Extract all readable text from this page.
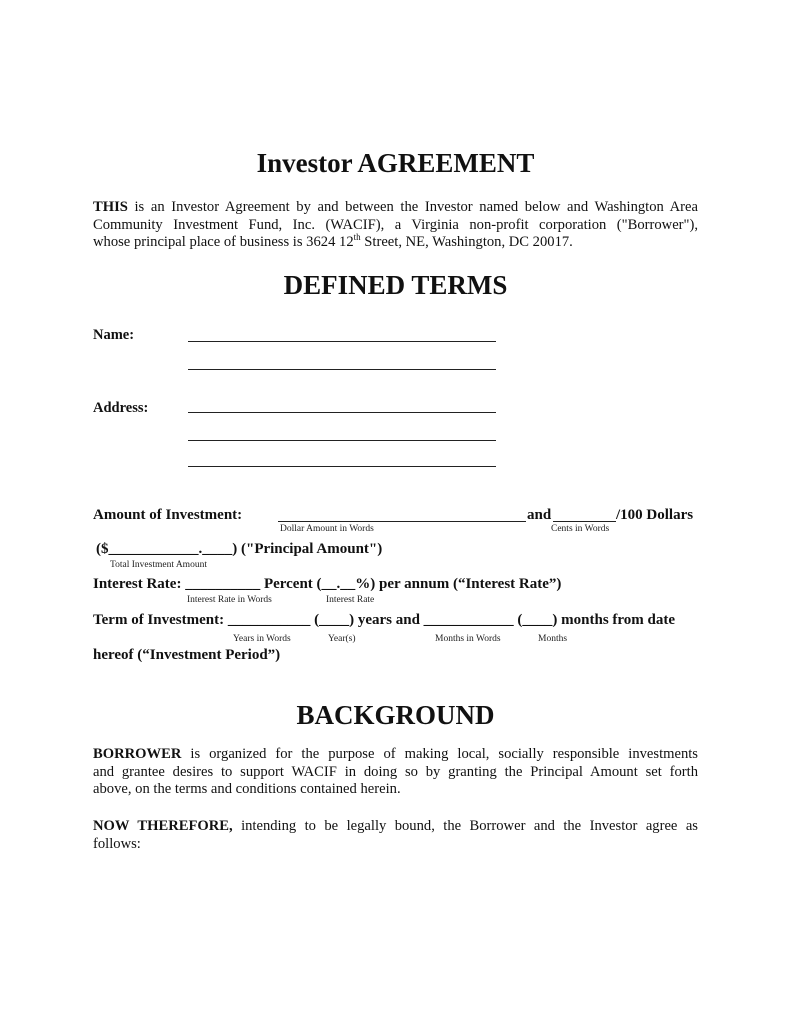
Investor AGREEMENT
THIS is an Investor Agreement by and between the Investor named below and Washington Area
Community Investment Fund, Inc. (WACIF), a Virginia non-profit corporation ("Borrower"),
whose principal place of business is 3624 12th Street, NE, Washington, DC 20017.
DEFINED TERMS
Name:
Address:
Amount of Investment:	and	/100 Dollars
Dollar Amount in Words	Cents in Words
($____________.____) ("Principal Amount")
Total Investment Amount
Interest Rate: __________ Percent (__.__%) per annum (“Interest Rate”)
Interest Rate in Words	Interest Rate
Term of Investment: ___________ (____) years and ____________ (____) months from date
Years in Words	Year(s)	Months in Words	Months
hereof (“Investment Period”)
BACKGROUND
BORROWER is organized for the purpose of making local, socially responsible investments
and grantee desires to support WACIF in doing so by granting the Principal Amount set forth
above, on the terms and conditions contained herein.
NOW THEREFORE, intending to be legally bound, the Borrower and the Investor agree as
follows:
